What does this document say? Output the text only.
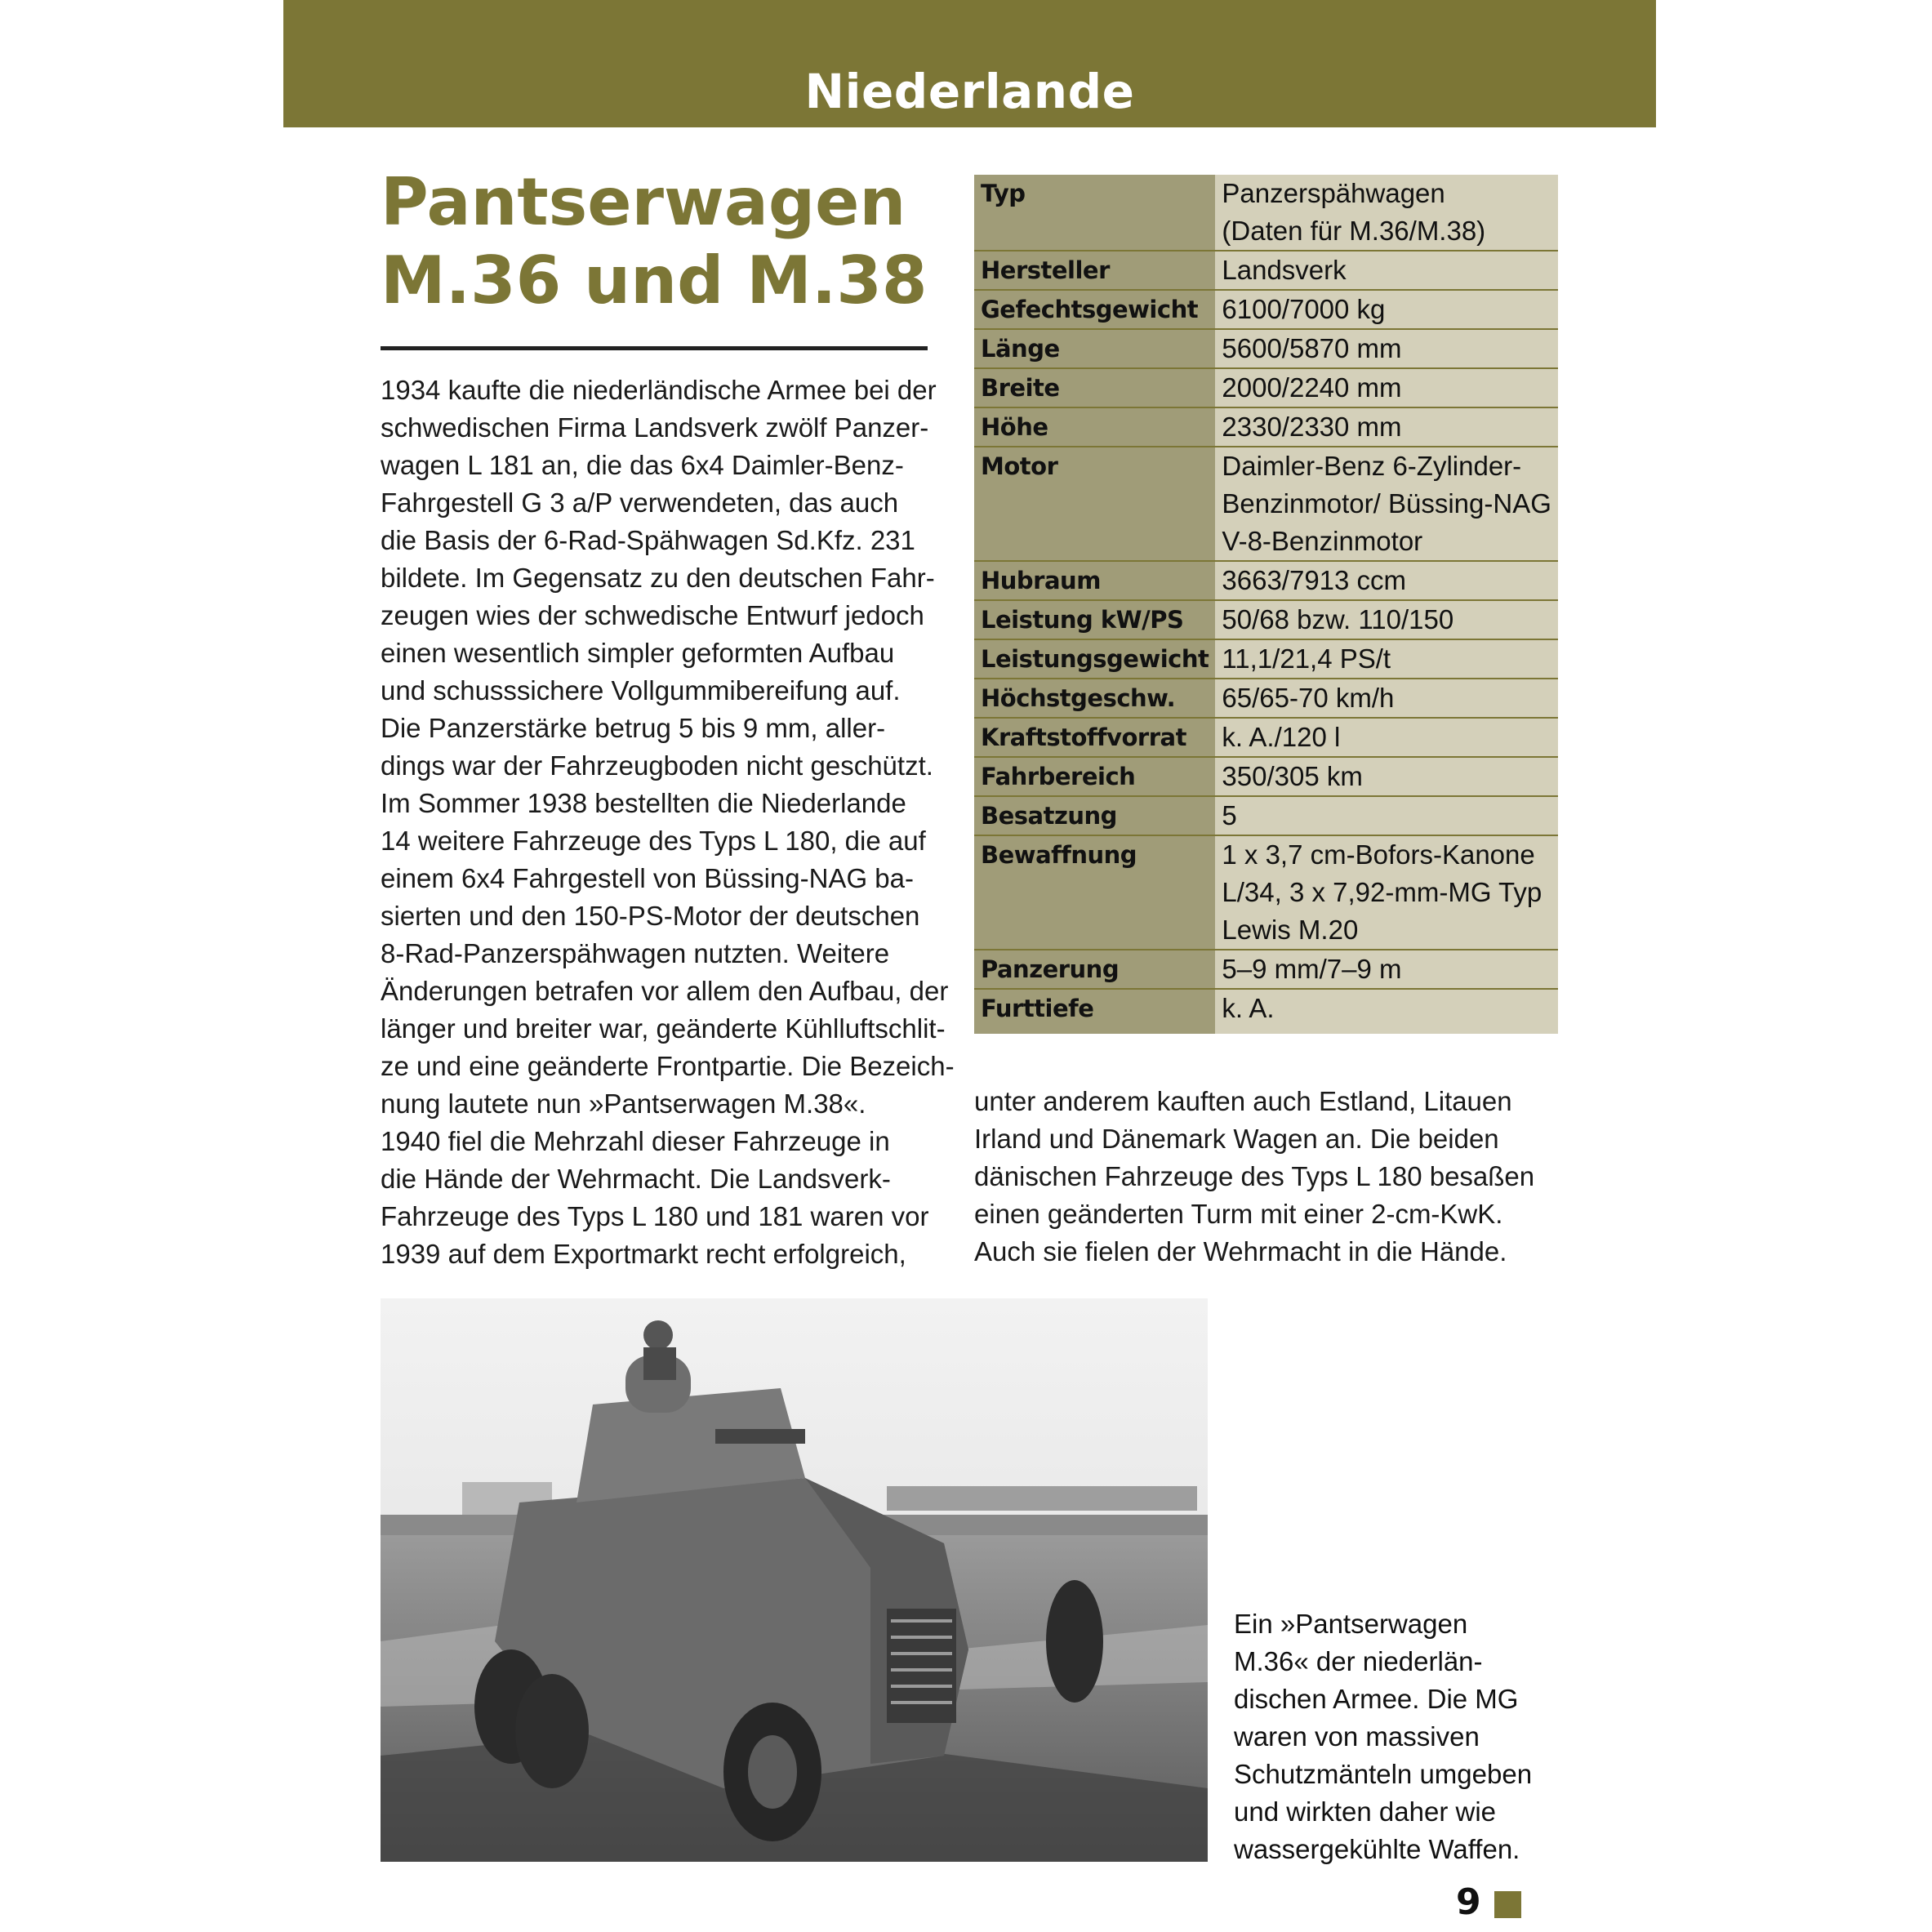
Niederlande
Pantserwagen
M.36 und M.38
1934 kaufte die niederländische Armee bei der
schwedischen Firma Landsverk zwölf Panzer-
wagen L 181 an, die das 6x4 Daimler-Benz-
Fahrgestell G 3 a/P verwendeten, das auch
die Basis der 6-Rad-Spähwagen Sd.Kfz. 231
bildete. Im Gegensatz zu den deutschen Fahr-
zeugen wies der schwedische Entwurf jedoch
einen wesentlich simpler geformten Aufbau
und schusssichere Vollgummibereifung auf.
Die Panzerstärke betrug 5 bis 9 mm, aller-
dings war der Fahrzeugboden nicht geschützt.
Im Sommer 1938 bestellten die Niederlande
14 weitere Fahrzeuge des Typs L 180, die auf
einem 6x4 Fahrgestell von Büssing-NAG ba-
sierten und den 150-PS-Motor der deutschen
8-Rad-Panzerspähwagen nutzten. Weitere
Änderungen betrafen vor allem den Aufbau, der
länger und breiter war, geänderte Kühlluftschlit-
ze und eine geänderte Frontpartie. Die Bezeich-
nung lautete nun »Pantserwagen M.38«.
1940 fiel die Mehrzahl dieser Fahrzeuge in
die Hände der Wehrmacht. Die Landsverk-
Fahrzeuge des Typs L 180 und 181 waren vor
1939 auf dem Exportmarkt recht erfolgreich,
Typ	Panzerspähwagen
(Daten für M.36/M.38)

Hersteller	Landsverk

Gefechtsgewicht	6100/7000 kg

Länge	5600/5870 mm

Breite	2000/2240 mm

Höhe	2330/2330 mm

Motor	Daimler-Benz 6-Zylinder-
Benzinmotor/ Büssing-NAG
V-8-Benzinmotor

Hubraum	3663/7913 ccm

Leistung kW/PS	50/68 bzw. 110/150

Leistungsgewicht	11,1/21,4 PS/t

Höchstgeschw.	65/65-70 km/h

Kraftstoffvorrat	k. A./120 l

Fahrbereich	350/305 km

Besatzung	5

Bewaffnung	1 x 3,7 cm-Bofors-Kanone
L/34, 3 x 7,92-mm-MG Typ
Lewis M.20

Panzerung	5–9 mm/7–9 m

Furttiefe	k. A.
unter anderem kauften auch Estland, Litauen
Irland und Dänemark Wagen an. Die beiden
dänischen Fahrzeuge des Typs L 180 besaßen
einen geänderten Turm mit einer 2-cm-KwK.
Auch sie fielen der Wehrmacht in die Hände.
Ein »Pantserwagen
M.36« der niederlän-
dischen Armee. Die MG
waren von massiven
Schutzmänteln umgeben
und wirkten daher wie
wassergekühlte Waffen.
9
